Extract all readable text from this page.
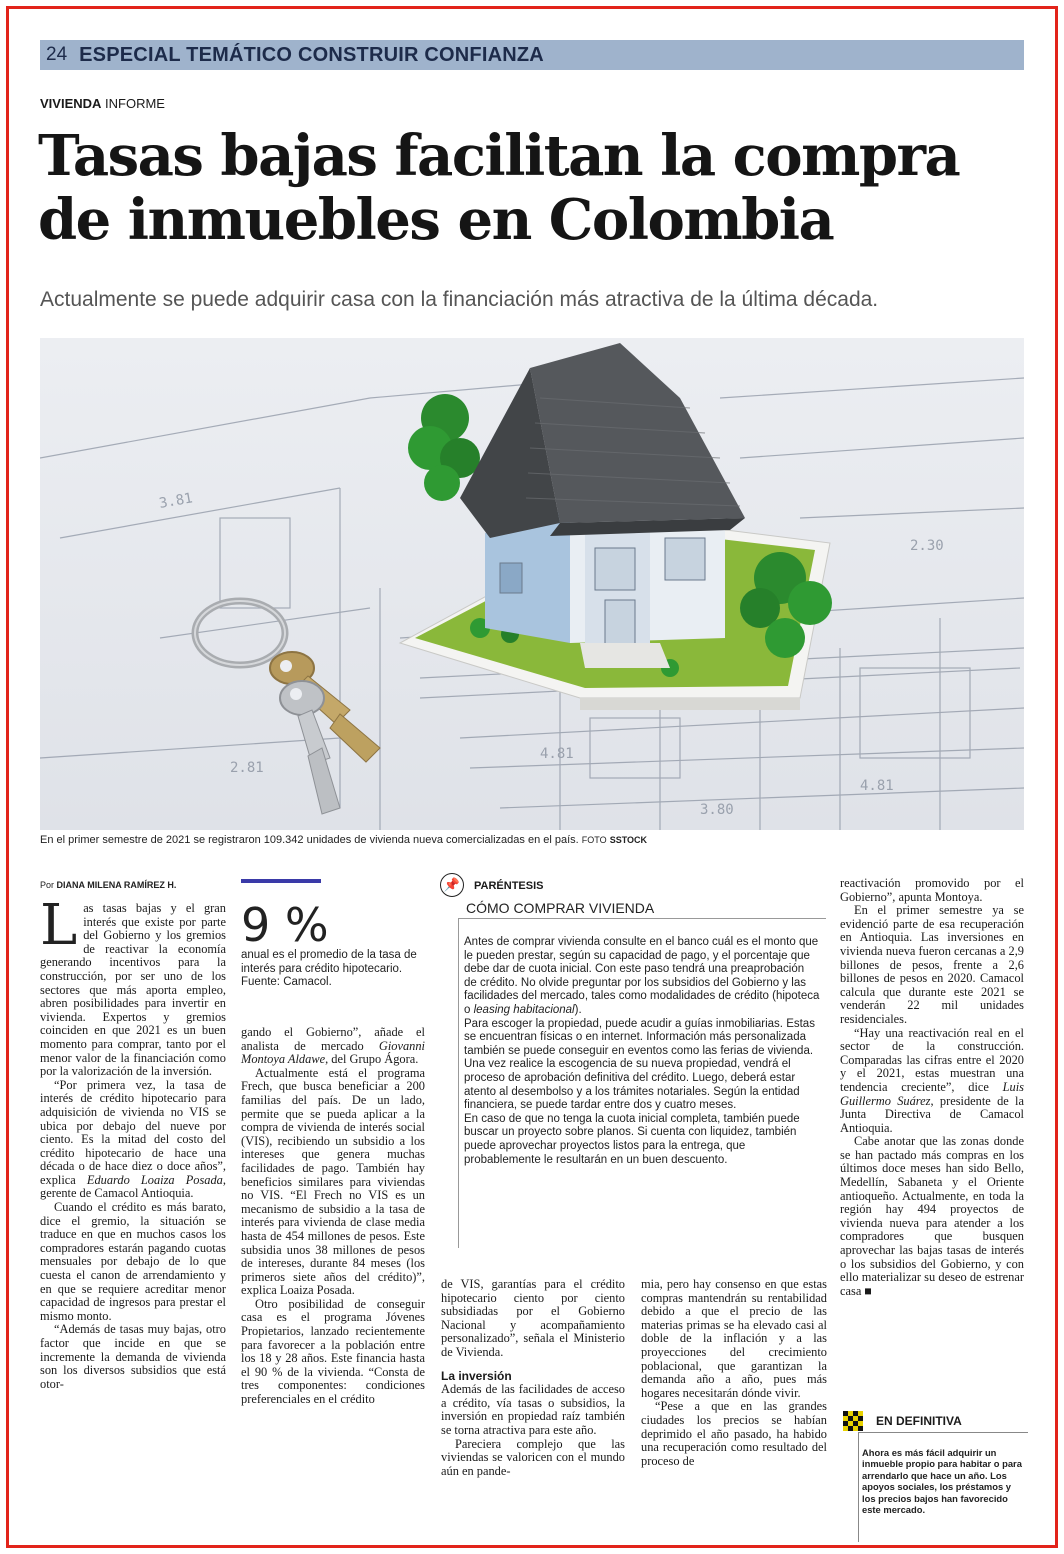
24 ESPECIAL TEMÁTICO CONSTRUIR CONFIANZA
VIVIENDA INFORME
Tasas bajas facilitan la compra de inmuebles en Colombia
Actualmente se puede adquirir casa con la financiación más atractiva de la última década.
3.81
4.81
2.81
3.80
2.30
4.81
En el primer semestre de 2021 se registraron 109.342 unidades de vivienda nueva comercializadas en el país. FOTO SSTOCK
Por DIANA MILENA RAMÍREZ H.

Las tasas bajas y el gran interés que existe por parte del Gobierno y los gremios de reactivar la economía generando incentivos para la construcción, por ser uno de los sectores que más aporta empleo, abren posibilidades para invertir en vivienda. Expertos y gremios coinciden en que 2021 es un buen momento para comprar, tanto por el menor valor de la financiación como por la valorización de la inversión.

“Por primera vez, la tasa de interés de crédito hipotecario para adquisición de vivienda no VIS se ubica por debajo del nueve por ciento. Es la mitad del costo del crédito hipotecario de hace una década o de hace diez o doce años”, explica Eduardo Loaiza Posada, gerente de Camacol Antioquia.

Cuando el crédito es más barato, dice el gremio, la situación se traduce en que en muchos casos los compradores estarán pagando cuotas mensuales por debajo de lo que cuesta el canon de arrendamiento y en que se requiere acreditar menor capacidad de ingresos para prestar el mismo monto.

“Además de tasas muy bajas, otro factor que incide en que se incremente la demanda de vivienda son los diversos subsidios que está otor-

9 %
anual es el promedio de la tasa de interés para crédito hipotecario. Fuente: Camacol.

gando el Gobierno”, añade el analista de mercado Giovanni Montoya Aldawe, del Grupo Ágora.

Actualmente está el programa Frech, que busca beneficiar a 200 familias del país. De un lado, permite que se pueda aplicar a la compra de vivienda de interés social (VIS), recibiendo un subsidio a los intereses que genera muchas facilidades de pago. También hay beneficios similares para viviendas no VIS. “El Frech no VIS es un mecanismo de subsidio a la tasa de interés para vivienda de clase media hasta de 454 millones de pesos. Este subsidia unos 38 millones de pesos de intereses, durante 84 meses (los primeros siete años del crédito)”, explica Loaiza Posada.

Otro posibilidad de conseguir casa es el programa Jóvenes Propietarios, lanzado recientemente para favorecer a la población entre los 18 y 28 años. Este financia hasta el 90 % de la vivienda. “Consta de tres componentes: condiciones preferenciales en el crédito

📌	PARÉNTESIS
CÓMO COMPRAR VIVIENDA

Antes de comprar vivienda consulte en el banco cuál es el monto que le pueden prestar, según su capacidad de pago, y el porcentaje que debe dar de cuota inicial. Con este paso tendrá una preaprobación de crédito. No olvide preguntar por los subsidios del Gobierno y las facilidades del mercado, tales como modalidades de crédito (hipoteca o leasing habitacional).

Para escoger la propiedad, puede acudir a guías inmobiliarias. Estas se encuentran físicas o en internet. Información más personalizada también se puede conseguir en eventos como las ferias de vivienda.

Una vez realice la escogencia de su nueva propiedad, vendrá el proceso de aprobación definitiva del crédito. Luego, deberá estar atento al desembolso y a los trámites notariales. Según la entidad financiera, se puede tardar entre dos y cuatro meses.

En caso de que no tenga la cuota inicial completa, también puede buscar un proyecto sobre planos. Si cuenta con liquidez, también puede aprovechar proyectos listos para la entrega, que probablemente le resultarán en un buen descuento.

de VIS, garantías para el crédito hipotecario ciento por ciento subsidiadas por el Gobierno Nacional y acompañamiento personalizado”, señala el Ministerio de Vivienda.

La inversión

Además de las facilidades de acceso a crédito, vía tasas o subsidios, la inversión en propiedad raíz también se torna atractiva para este año.

Pareciera complejo que las viviendas se valoricen con el mundo aún en pande-

mia, pero hay consenso en que estas compras mantendrán su rentabilidad debido a que el precio de las materias primas se ha elevado casi al doble de la inflación y a las proyecciones del crecimiento poblacional, que garantizan la demanda año a año, pues más hogares necesitarán dónde vivir.

“Pese a que en las grandes ciudades los precios se habían deprimido el año pasado, ha habido una recuperación como resultado del proceso de

reactivación promovido por el Gobierno”, apunta Montoya.

En el primer semestre ya se evidenció parte de esa recuperación en Antioquia. Las inversiones en vivienda nueva fueron cercanas a 2,9 billones de pesos, frente a 2,6 billones de pesos en 2020. Camacol calcula que durante este 2021 se venderán 22 mil unidades residenciales.

“Hay una reactivación real en el sector de la construcción. Comparadas las cifras entre el 2020 y el 2021, estas muestran una tendencia creciente”, dice Luis Guillermo Suárez, presidente de la Junta Directiva de Camacol Antioquia.

Cabe anotar que las zonas donde se han pactado más compras en los últimos doce meses han sido Bello, Medellín, Sabaneta y el Oriente antioqueño. Actualmente, en toda la región hay 494 proyectos de vivienda nueva para atender a los compradores que busquen aprovechar las bajas tasas de interés o los subsidios del Gobierno, y con ello materializar su deseo de estrenar casa ■

EN DEFINITIVA
Ahora es más fácil adquirir un inmueble propio para habitar o para arrendarlo que hace un año. Los apoyos sociales, los préstamos y los precios bajos han favorecido este mercado.
